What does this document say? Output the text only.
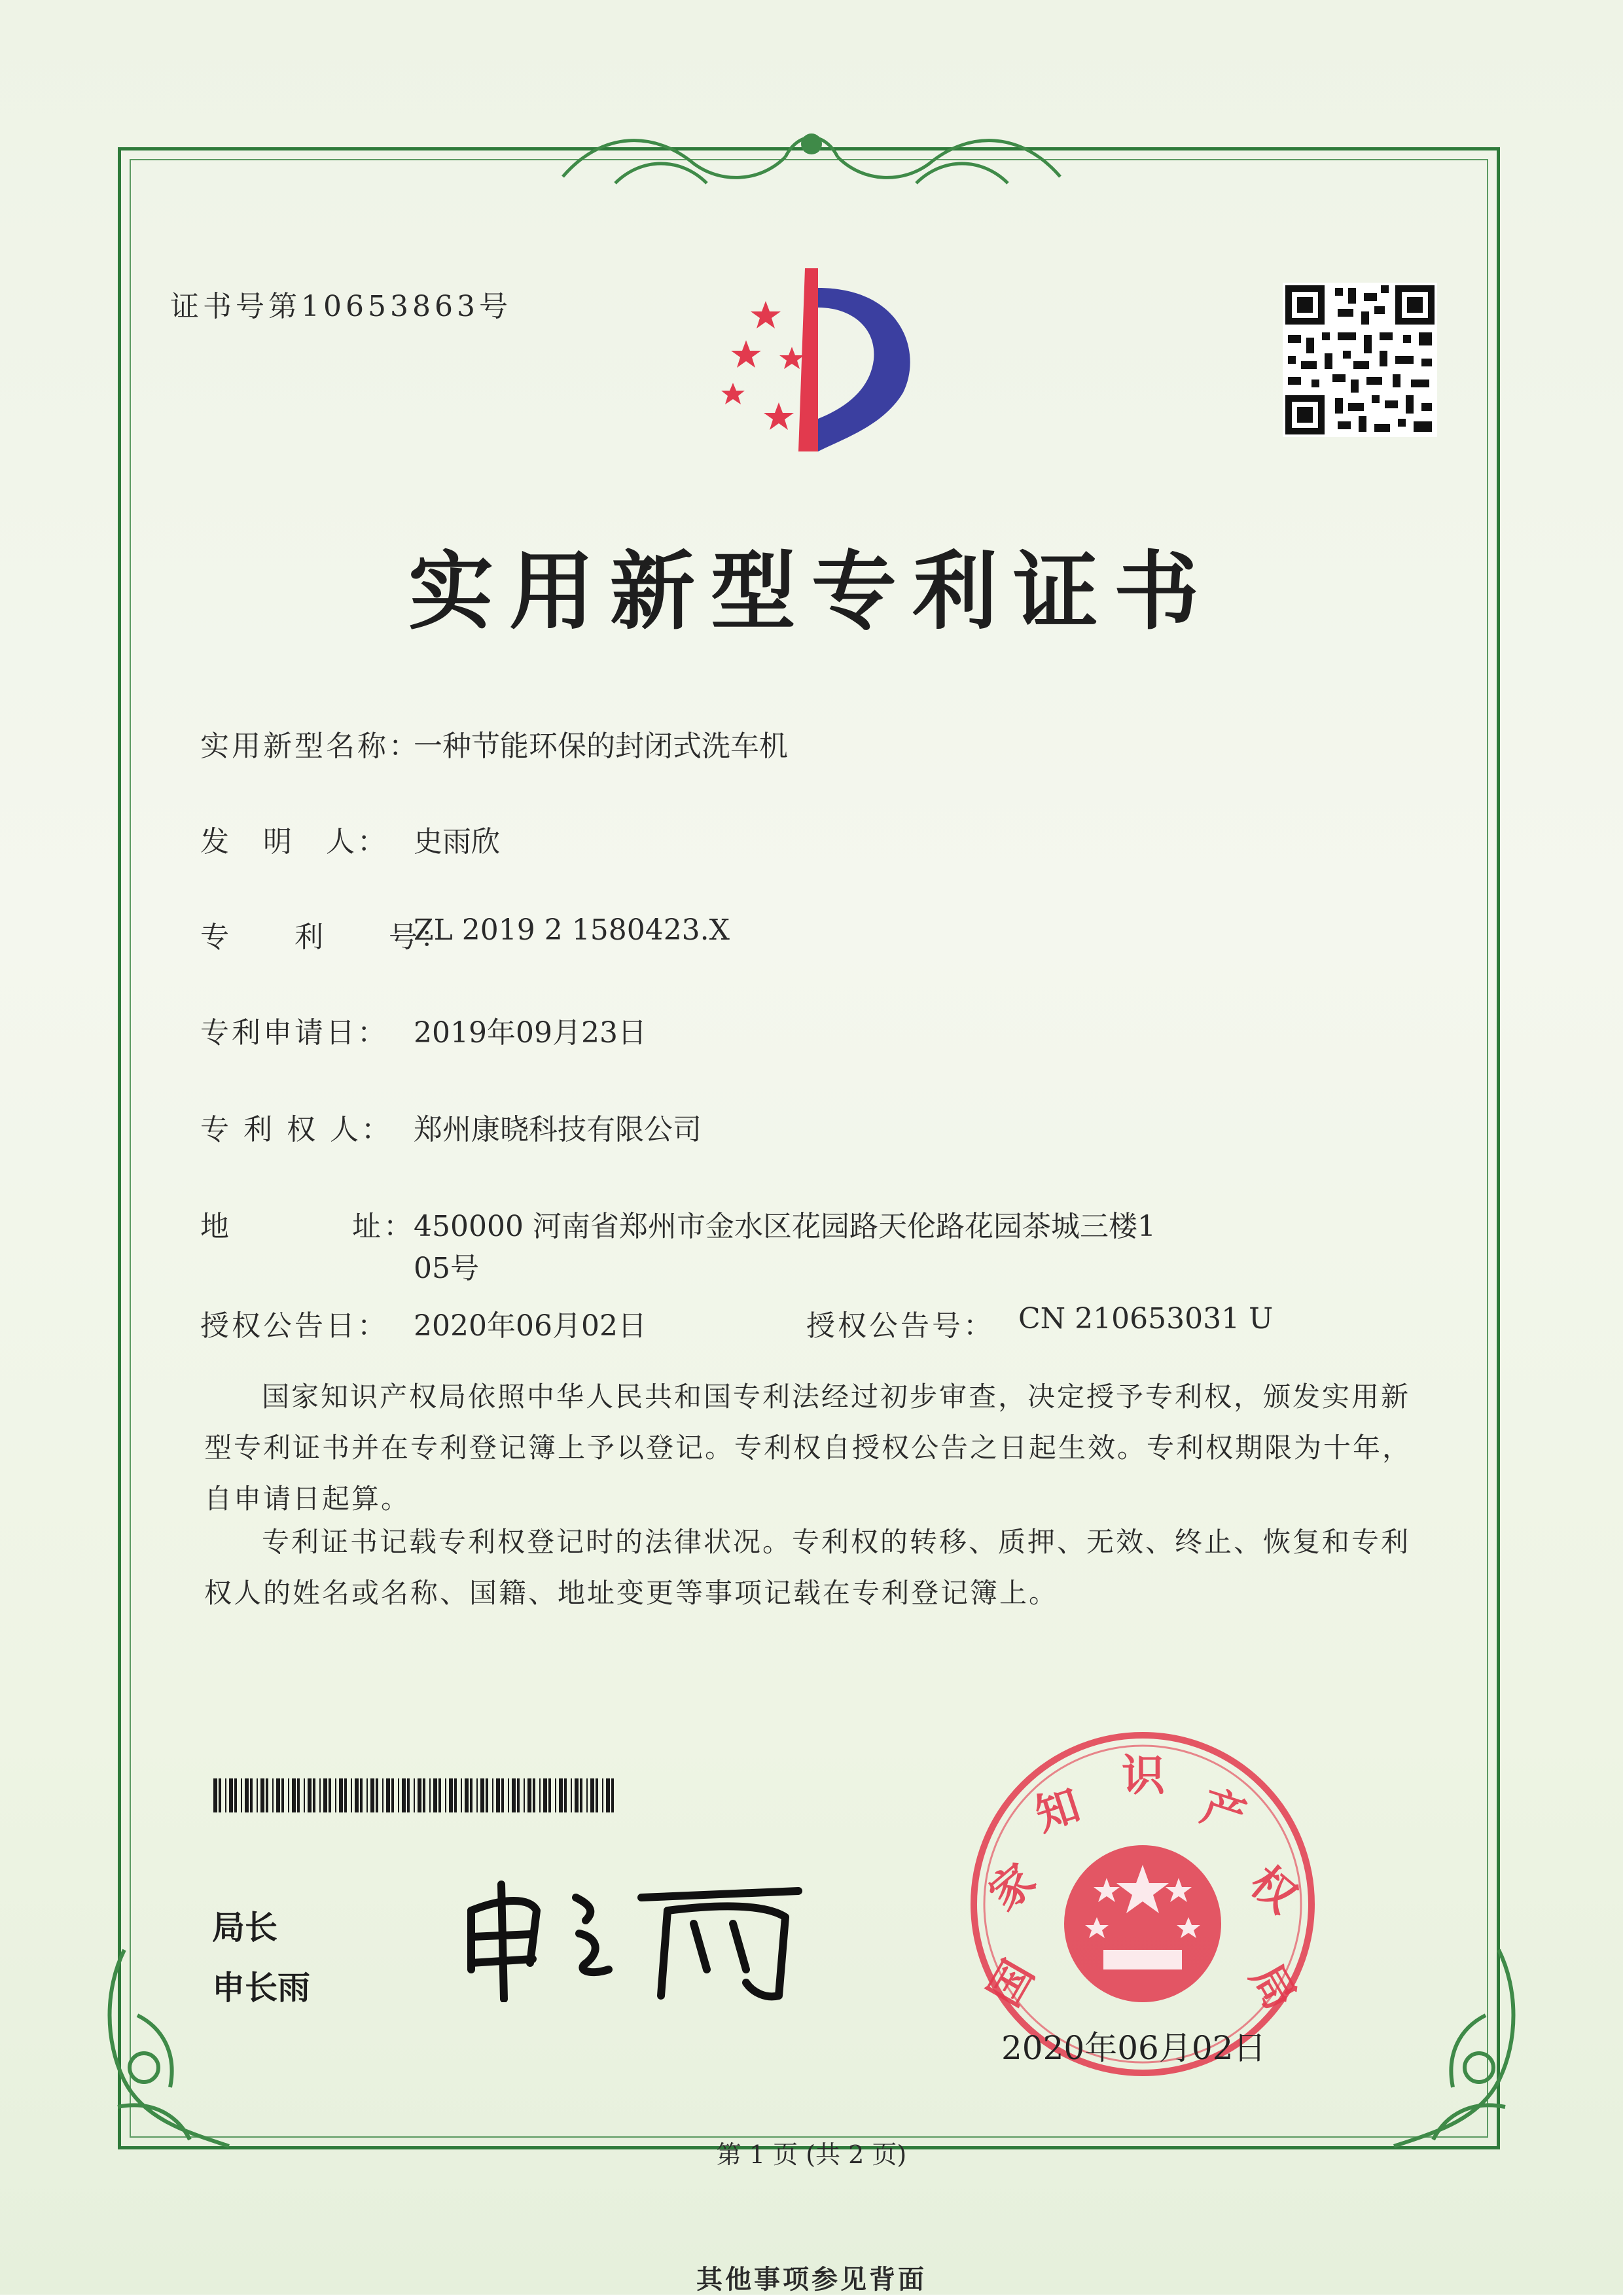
证书号第10653863号
实用新型专利证书
实用新型名称：
一种节能环保的封闭式洗车机
发　明　人： 史雨欣
专　　利　　号：
ZL 2019 2 1580423.X
专利申请日： 2019年09月23日
专 利 权 人： 郑州康晓科技有限公司
地	址：
450000 河南省郑州市金水区花园路天伦路花园茶城三楼1
05号
授权公告日： 2020年06月02日	授权公告号： CN 210653031 U
国家知识产权局依照中华人民共和国专利法经过初步审查，决定授予专利权，颁发实用新型专利证书并在专利登记簿上予以登记。专利权自授权公告之日起生效。专利权期限为十年，自申请日起算。
专利证书记载专利权登记时的法律状况。专利权的转移、质押、无效、终止、恢复和专利权人的姓名或名称、国籍、地址变更等事项记载在专利登记簿上。
局长
申长雨	国
家
知
识
产
权
局
2020年06月02日
第 1 页 (共 2 页)
其他事项参见背面
